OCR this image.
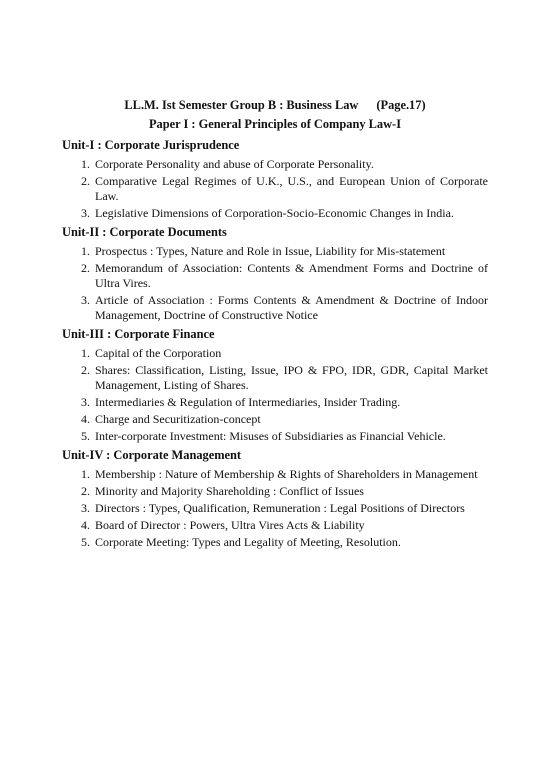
LL.M. Ist Semester Group B : Business Law (Page.17)
Paper I : General Principles of Company Law-I
Unit-I : Corporate Jurisprudence
1. Corporate Personality and abuse of Corporate Personality.
2. Comparative Legal Regimes of U.K., U.S., and European Union of Corporate Law.
3. Legislative Dimensions of Corporation-Socio-Economic Changes in India.
Unit-II : Corporate Documents
1. Prospectus : Types, Nature and Role in Issue, Liability for Mis-statement
2. Memorandum of Association: Contents & Amendment Forms and Doctrine of Ultra Vires.
3. Article of Association : Forms Contents & Amendment & Doctrine of Indoor Management, Doctrine of Constructive Notice
Unit-III : Corporate Finance
1. Capital of the Corporation
2. Shares: Classification, Listing, Issue, IPO & FPO, IDR, GDR, Capital Market Management, Listing of Shares.
3. Intermediaries & Regulation of Intermediaries, Insider Trading.
4. Charge and Securitization-concept
5. Inter-corporate Investment: Misuses of Subsidiaries as Financial Vehicle.
Unit-IV : Corporate Management
1. Membership : Nature of Membership & Rights of Shareholders in Management
2. Minority and Majority Shareholding : Conflict of Issues
3. Directors : Types, Qualification, Remuneration : Legal Positions of Directors
4. Board of Director : Powers, Ultra Vires Acts & Liability
5. Corporate Meeting: Types and Legality of Meeting, Resolution.
